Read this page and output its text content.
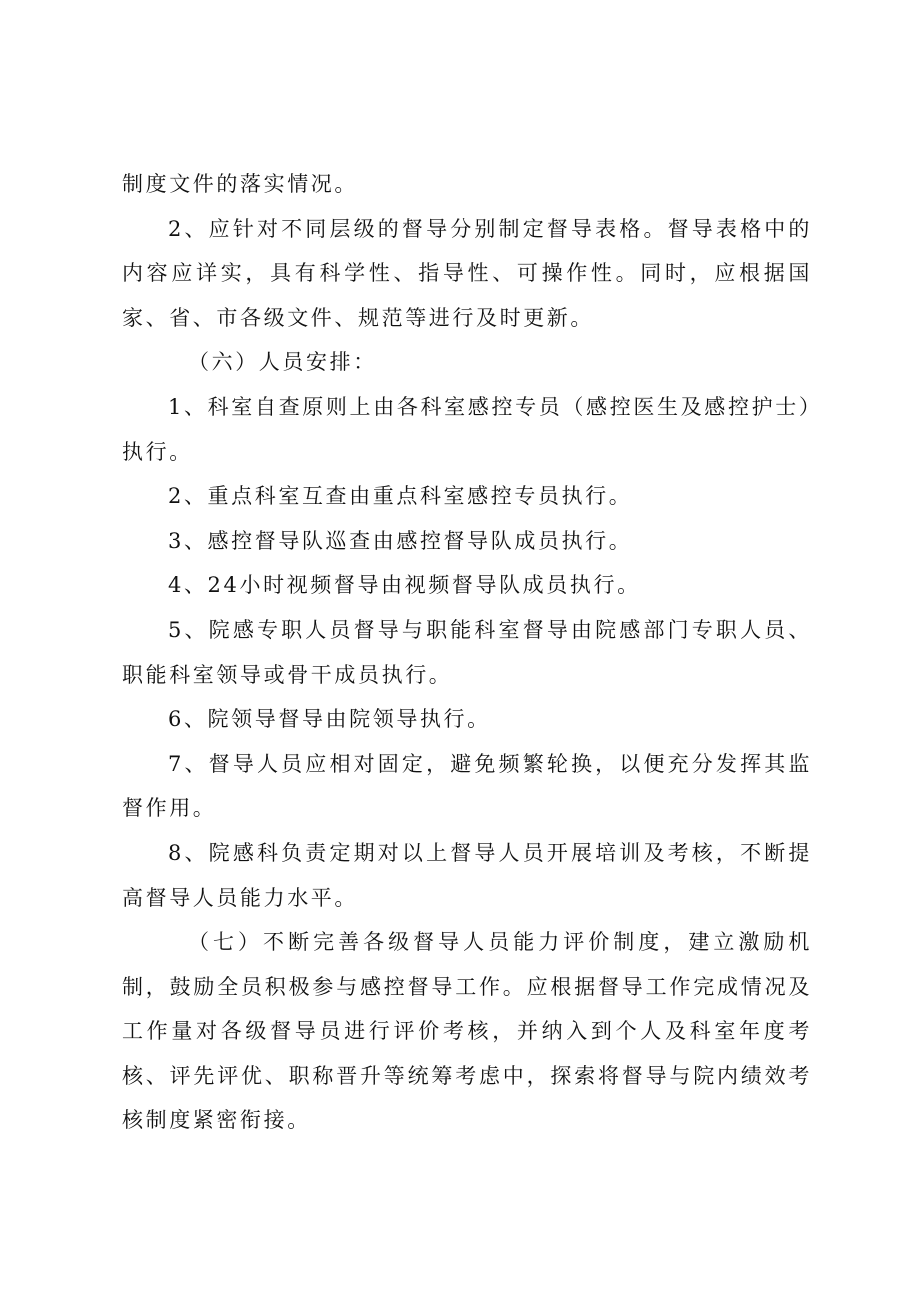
制度文件的落实情况。

2、应针对不同层级的督导分别制定督导表格。督导表格中的内容应详实，具有科学性、指导性、可操作性。同时，应根据国家、省、市各级文件、规范等进行及时更新。

（六）人员安排：

1、科室自查原则上由各科室感控专员（感控医生及感控护士）执行。

2、重点科室互查由重点科室感控专员执行。

3、感控督导队巡查由感控督导队成员执行。

4、24小时视频督导由视频督导队成员执行。

5、院感专职人员督导与职能科室督导由院感部门专职人员、职能科室领导或骨干成员执行。

6、院领导督导由院领导执行。

7、督导人员应相对固定，避免频繁轮换，以便充分发挥其监督作用。

8、院感科负责定期对以上督导人员开展培训及考核，不断提高督导人员能力水平。

（七）不断完善各级督导人员能力评价制度，建立激励机制，鼓励全员积极参与感控督导工作。应根据督导工作完成情况及工作量对各级督导员进行评价考核，并纳入到个人及科室年度考核、评先评优、职称晋升等统筹考虑中，探索将督导与院内绩效考核制度紧密衔接。
